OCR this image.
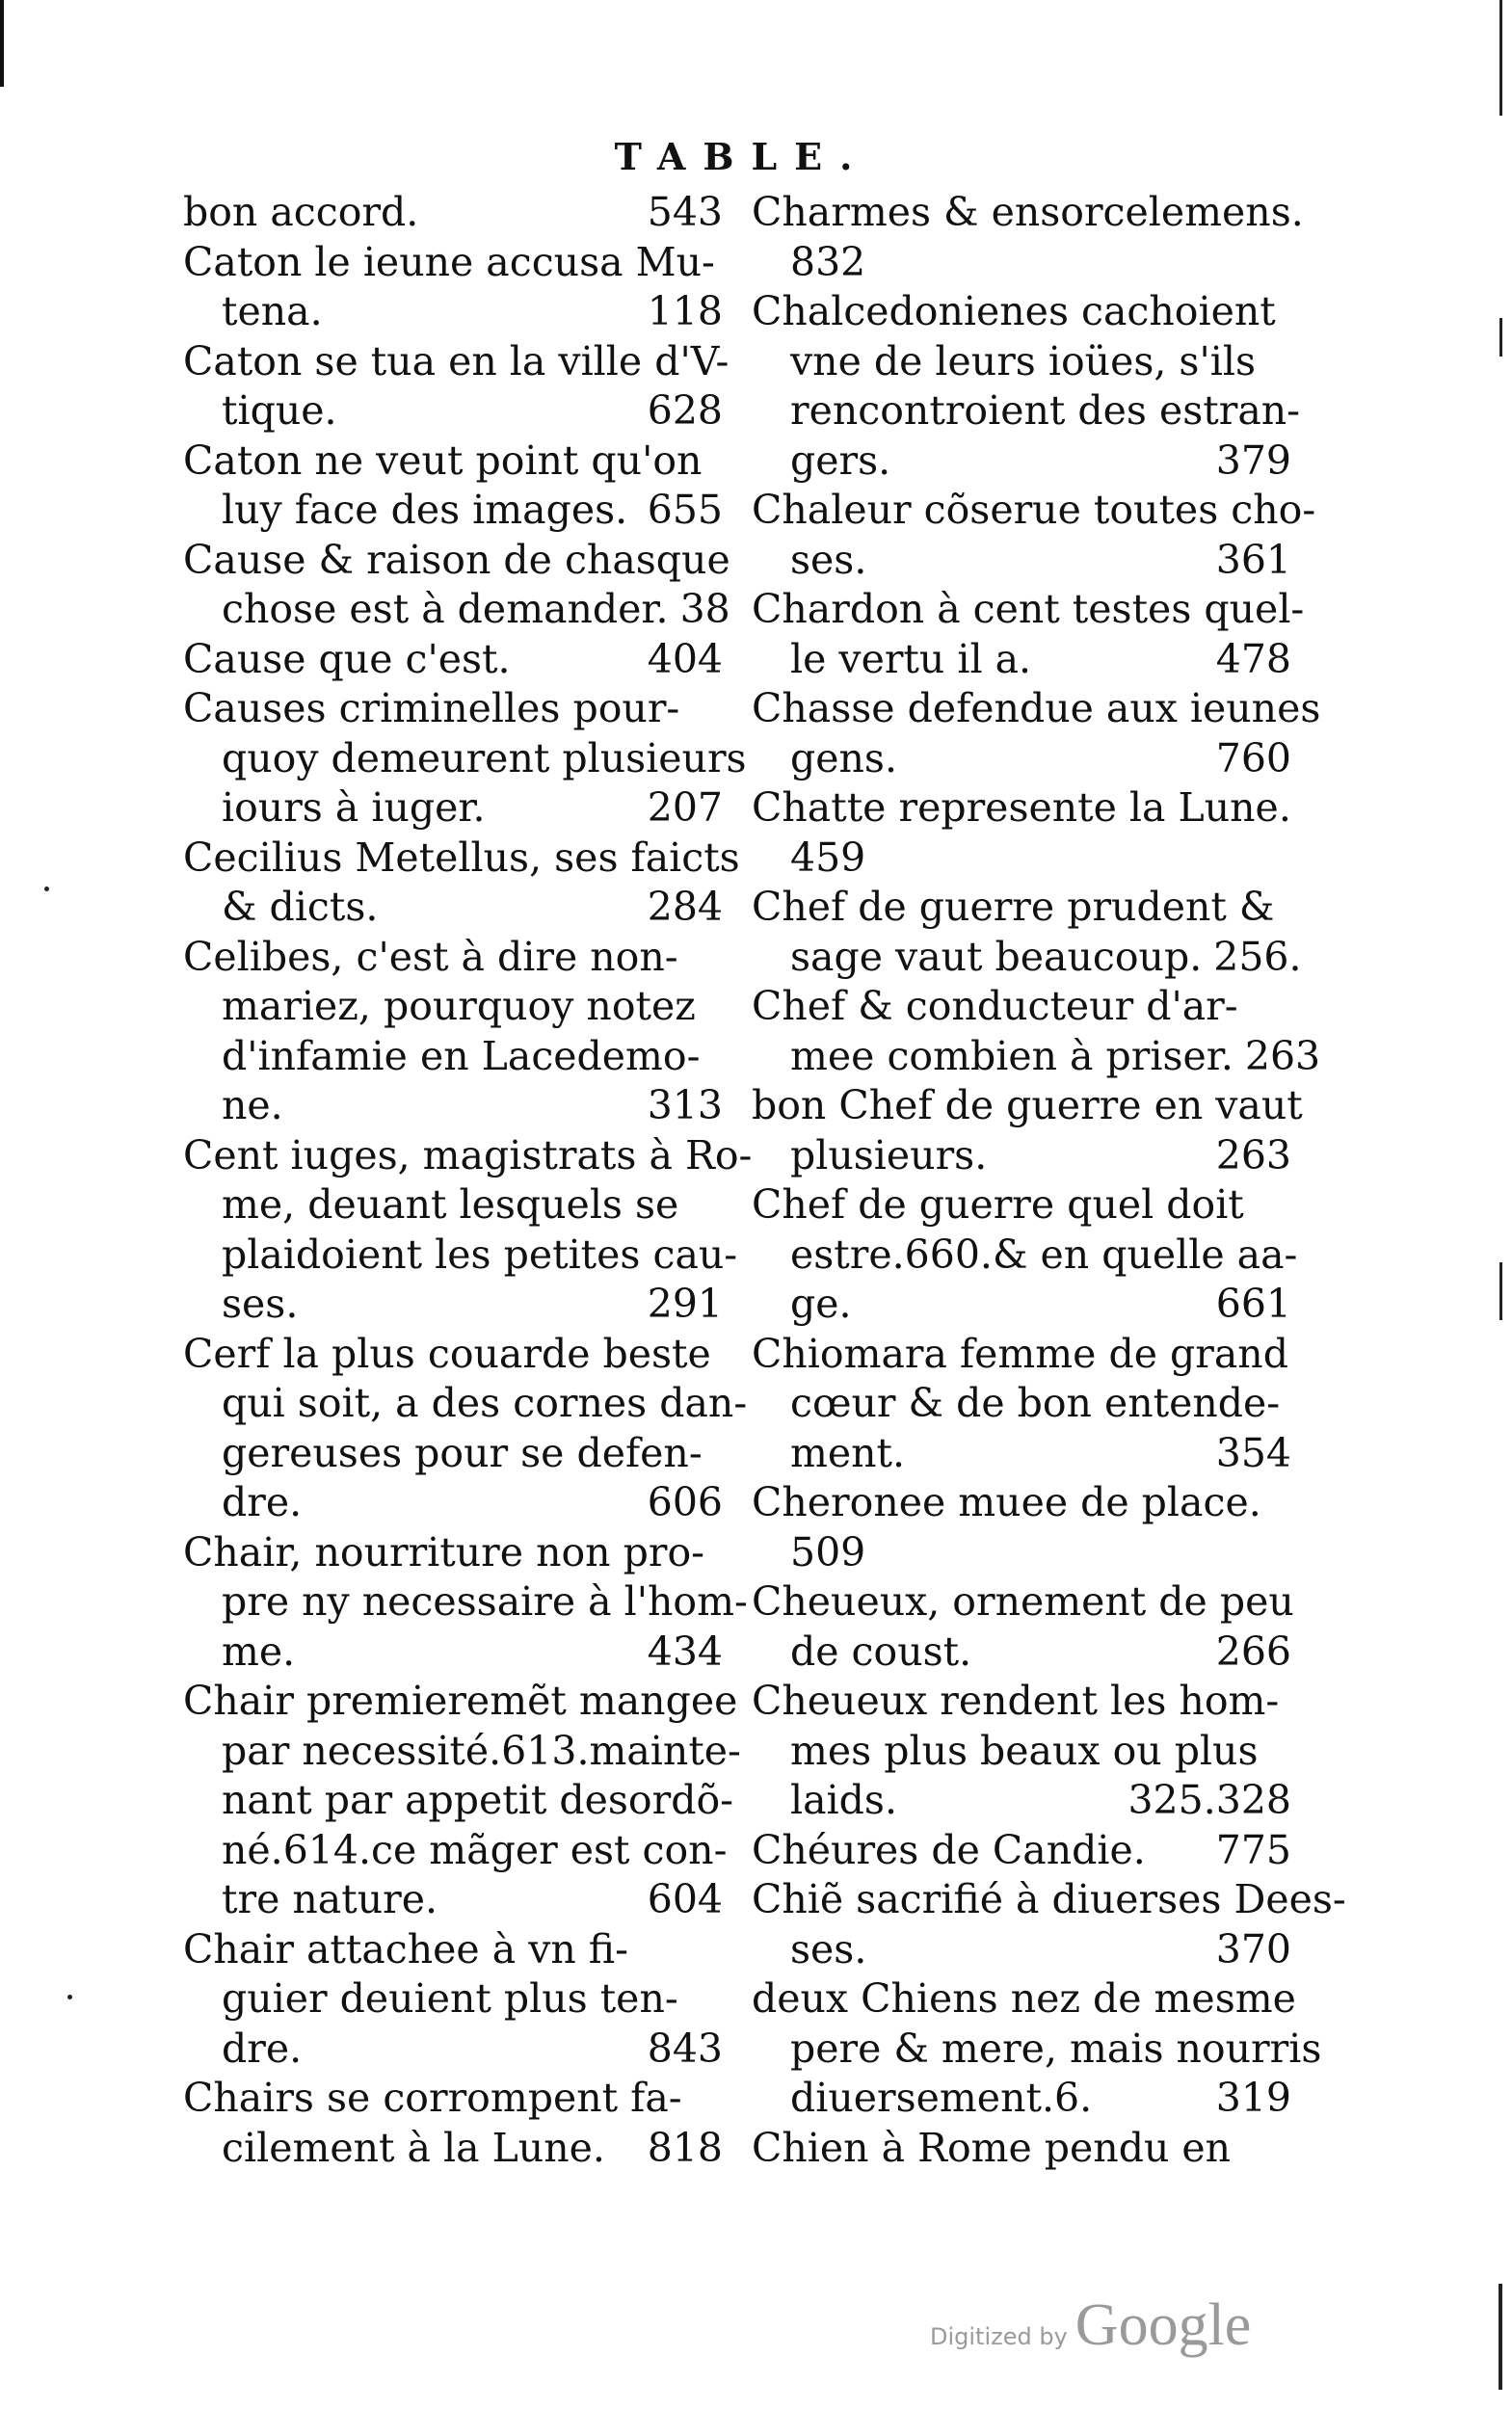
TABLE.
bon accord.	543
Caton le ieune accusa Mu-
tena.	118
Caton se tua en la ville d'V-
tique.	628
Caton ne veut point qu'on
luy face des images. 655
Cause & raison de chasque
chose est à demander. 38
Cause que c'est.	404
Causes criminelles pour-
quoy demeurent plusieurs
iours à iuger.	207
Cecilius Metellus, ses faicts
& dicts.	284
Celibes, c'est à dire non-
mariez, pourquoy notez
d'infamie en Lacedemo-
ne.	313
Cent iuges, magistrats à Ro-
me, deuant lesquels se
plaidoient les petites cau-
ses.	291
Cerf la plus couarde beste
qui soit, a des cornes dan-
gereuses pour se defen-
dre.	606
Chair, nourriture non pro-
pre ny necessaire à l'hom-
me.	434
Chair premieremẽt mangee
par necessité.613.mainte-
nant par appetit desordõ-
né.614.ce mãger est con-
tre nature.	604
Chair attachee à vn fi-
guier deuient plus ten-
dre.	843
Chairs se corrompent fa-
cilement à la Lune. 818
Charmes & ensorcelemens.
832
Chalcedonienes cachoient
vne de leurs ioües, s'ils
rencontroient des estran-
gers.	379
Chaleur cõserue toutes cho-
ses.	361
Chardon à cent testes quel-
le vertu il a.	478
Chasse defendue aux ieunes
gens.	760
Chatte represente la Lune.
459
Chef de guerre prudent &
sage vaut beaucoup. 256.
Chef & conducteur d'ar-
mee combien à priser. 263
bon Chef de guerre en vaut
plusieurs.	263
Chef de guerre quel doit
estre.660.& en quelle aa-
ge.	661
Chiomara femme de grand
cœur & de bon entende-
ment.	354
Cheronee muee de place.
509
Cheueux, ornement de peu
de coust.	266
Cheueux rendent les hom-
mes plus beaux ou plus
laids.	325.328
Chéures de Candie. 775
Chiẽ sacrifié à diuerses Dees-
ses.	370
deux Chiens nez de mesme
pere & mere, mais nourris
diuersement.6.	319
Chien à Rome pendu en
Digitized by Google
